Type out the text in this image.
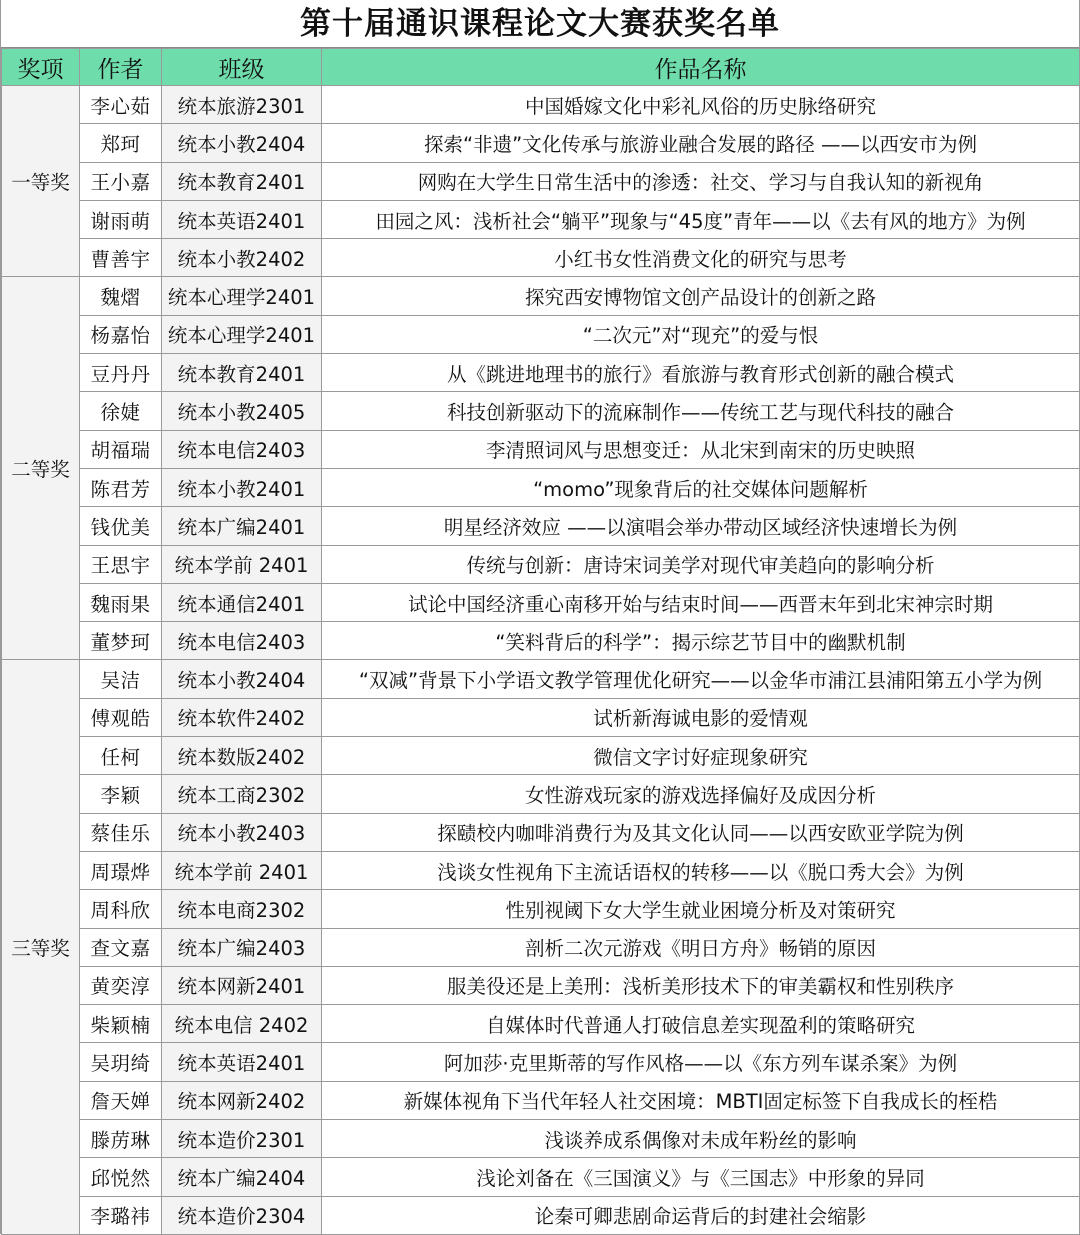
第十届通识课程论文大赛获奖名单
奖项	作者	班级	作品名称
一等奖	李心茹	统本旅游2301	中国婚嫁文化中彩礼风俗的历史脉络研究
	郑珂	统本小教2404	探索“非遗”文化传承与旅游业融合发展的路径 ——以西安市为例
	王小嘉	统本教育2401	网购在大学生日常生活中的渗透：社交、学习与自我认知的新视角
	谢雨萌	统本英语2401	田园之风：浅析社会“躺平”现象与“45度”青年——以《去有风的地方》为例
	曹善宇	统本小教2402	小红书女性消费文化的研究与思考
二等奖	魏熠	统本心理学2401	探究西安博物馆文创产品设计的创新之路
	杨嘉怡	统本心理学2401	“二次元”对“现充”的爱与恨
	豆丹丹	统本教育2401	从《跳进地理书的旅行》看旅游与教育形式创新的融合模式
	徐婕	统本小教2405	科技创新驱动下的流麻制作——传统工艺与现代科技的融合
	胡福瑞	统本电信2403	李清照词风与思想变迁：从北宋到南宋的历史映照
	陈君芳	统本小教2401	“momo”现象背后的社交媒体问题解析
	钱优美	统本广编2401	明星经济效应 ——以演唱会举办带动区域经济快速增长为例
	王思宇	统本学前 2401	传统与创新：唐诗宋词美学对现代审美趋向的影响分析
	魏雨果	统本通信2401	试论中国经济重心南移开始与结束时间——西晋末年到北宋神宗时期
	董梦珂	统本电信2403	“笑料背后的科学”：揭示综艺节目中的幽默机制
三等奖	吴洁	统本小教2404	“双减”背景下小学语文教学管理优化研究——以金华市浦江县浦阳第五小学为例
	傅观皓	统本软件2402	试析新海诚电影的爱情观
	任柯	统本数版2402	微信文字讨好症现象研究
	李颖	统本工商2302	女性游戏玩家的游戏选择偏好及成因分析
	蔡佳乐	统本小教2403	探赜校内咖啡消费行为及其文化认同——以西安欧亚学院为例
	周璟烨	统本学前 2401	浅谈女性视角下主流话语权的转移——以《脱口秀大会》为例
	周科欣	统本电商2302	性别视阈下女大学生就业困境分析及对策研究
	查文嘉	统本广编2403	剖析二次元游戏《明日方舟》畅销的原因
	黄奕淳	统本网新2401	服美役还是上美刑：浅析美形技术下的审美霸权和性别秩序
	柴颖楠	统本电信 2402	自媒体时代普通人打破信息差实现盈利的策略研究
	吴玥绮	统本英语2401	阿加莎·克里斯蒂的写作风格——以《东方列车谋杀案》为例
	詹天婵	统本网新2402	新媒体视角下当代年轻人社交困境：MBTI固定标签下自我成长的桎梏
	滕苈琳	统本造价2301	浅谈养成系偶像对未成年粉丝的影响
	邱悦然	统本广编2404	浅论刘备在《三国演义》与《三国志》中形象的异同
	李璐祎	统本造价2304	论秦可卿悲剧命运背后的封建社会缩影
